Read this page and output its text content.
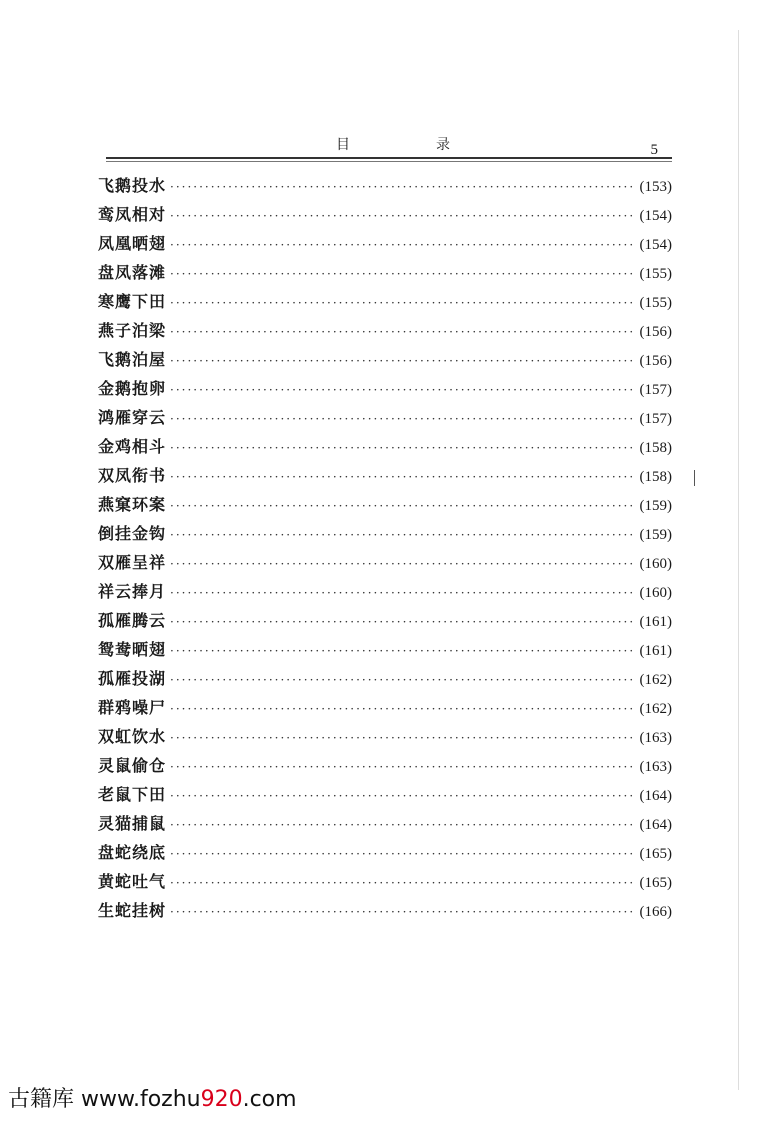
目	录	5
飞鹅投水 ·····	(153)
鸾凤相对 ·····	(154)
凤凰晒翅 ·····	(154)
盘凤落滩 ·····	(155)
寒鹰下田 ·····	(155)
燕子泊梁 ·····	(156)
飞鹅泊屋 ·····	(156)
金鹅抱卵 ·····	(157)
鸿雁穿云 ·····	(157)
金鸡相斗 ·····	(158)
双凤衔书 ·····	(158)
燕窠环案 ·····	(159)
倒挂金钩 ·····	(159)
双雁呈祥 ·····	(160)
祥云捧月 ·····	(160)
孤雁腾云 ·····	(161)
鸳鸯晒翅 ·····	(161)
孤雁投湖 ·····	(162)
群鸦噪尸 ·····	(162)
双虹饮水 ·····	(163)
灵鼠偷仓 ·····	(163)
老鼠下田 ·····	(164)
灵猫捕鼠 ·····	(164)
盘蛇绕底 ·····	(165)
黄蛇吐气 ·····	(165)
生蛇挂树 ·····	(166)
古籍库 www.fozhu920.com
